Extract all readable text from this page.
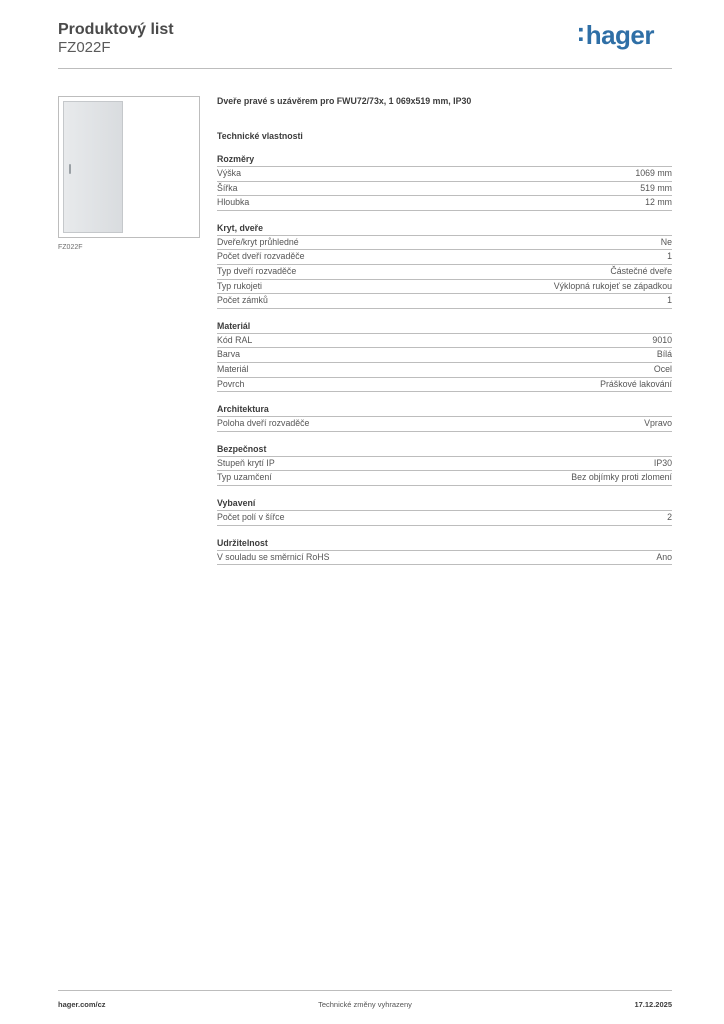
Produktový list
FZ022F
:hager
FZ022F
Dveře pravé s uzávěrem pro FWU72/73x, 1 069x519 mm, IP30
Technické vlastnosti
Rozměry
Výška	1069 mm
Šířka	519 mm
Hloubka	12 mm
Kryt, dveře
Dveře/kryt průhledné	Ne
Počet dveří rozvaděče	1
Typ dveří rozvaděče	Částečné dveře
Typ rukojeti	Výklopná rukojeť se západkou
Počet zámků	1
Materiál
Kód RAL	9010
Barva	Bílá
Materiál	Ocel
Povrch	Práškové lakování
Architektura
Poloha dveří rozvaděče	Vpravo
Bezpečnost
Stupeň krytí IP	IP30
Typ uzamčení	Bez objímky proti zlomení
Vybavení
Počet polí v šířce	2
Udržitelnost
V souladu se směrnicí RoHS	Ano
hager.com/cz	Technické změny vyhrazeny	17.12.2025
